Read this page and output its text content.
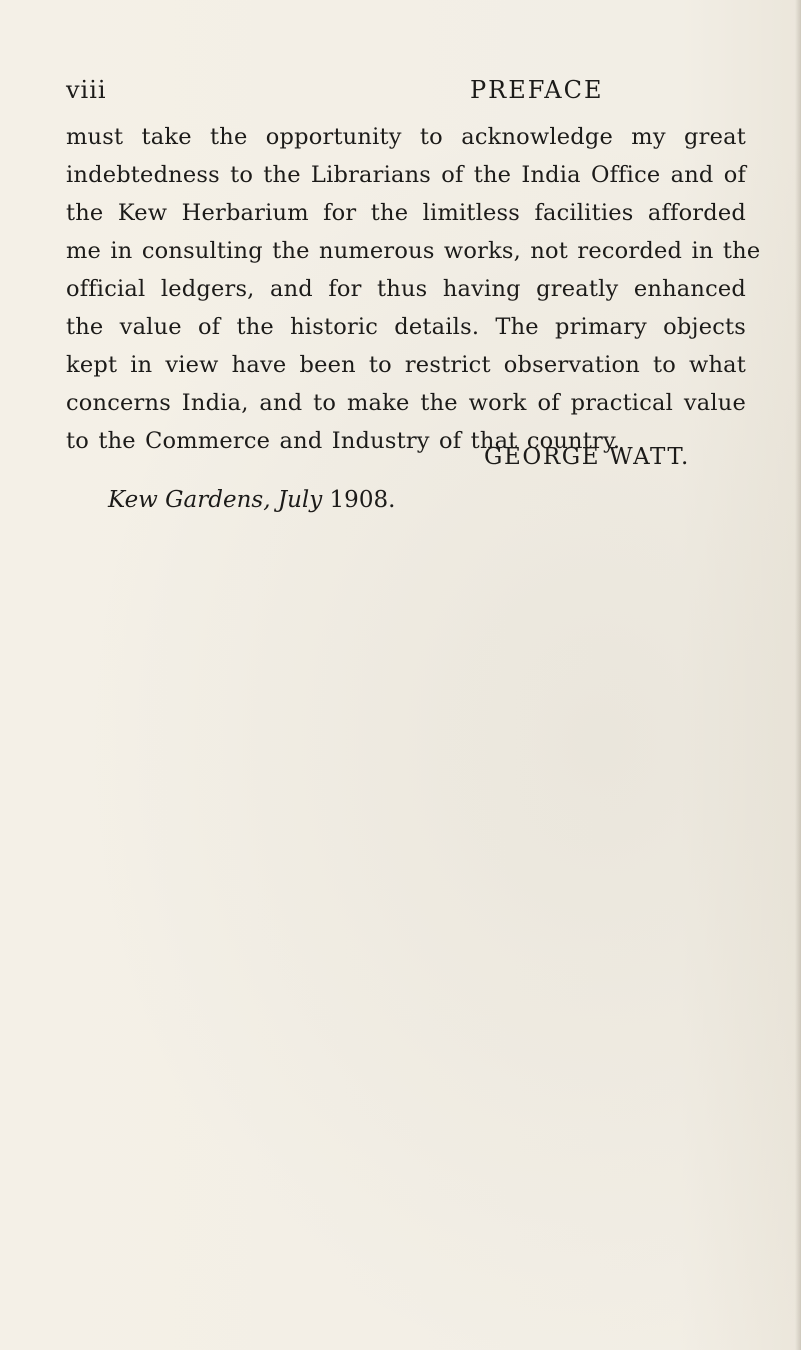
viii	PREFACE
must take the opportunity to acknowledge my great
indebtedness to the Librarians of the India Office and of
the Kew Herbarium for the limitless facilities afforded
me in consulting the numerous works, not recorded in the
official ledgers, and for thus having greatly enhanced
the value of the historic details. The primary objects
kept in view have been to restrict observation to what
concerns India, and to make the work of practical value
to the Commerce and Industry of that country.
GEORGE WATT.
Kew Gardens, July 1908.
